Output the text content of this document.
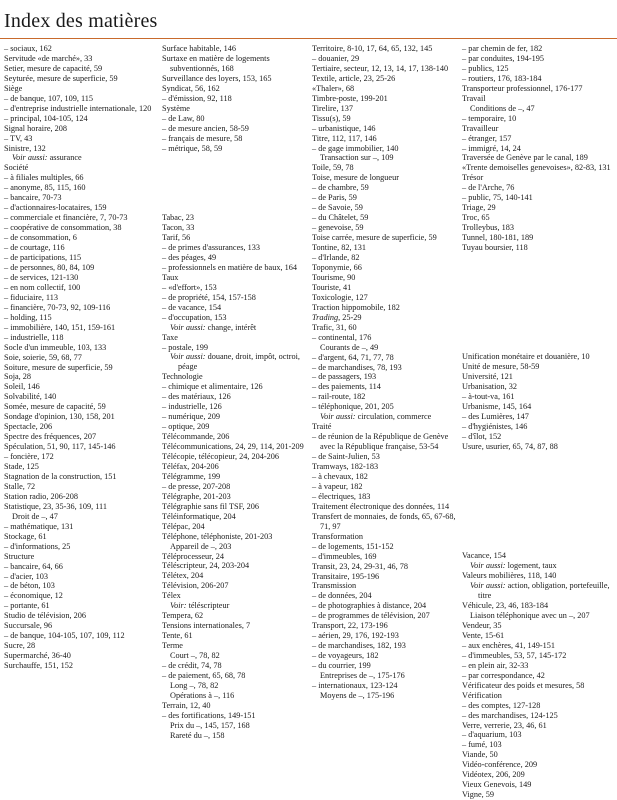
Index des matières
– sociaux, 162
Servitude «de marché», 33
Setier, mesure de capacité, 59
Seyturée, mesure de superficie, 59
Siège
– de banque, 107, 109, 115
– d'entreprise industrielle internationale, 120
– principal, 104-105, 124
Signal horaire, 208
– TV, 43
Sinistre, 132
Voir aussi: assurance
Société
– à filiales multiples, 66
– anonyme, 85, 115, 160
– bancaire, 70-73
– d'actionnaires-locataires, 159
– commerciale et financière, 7, 70-73
– coopérative de consommation, 38
– de consommation, 6
– de courtage, 116
– de participations, 115
– de personnes, 80, 84, 109
– de services, 121-130
– en nom collectif, 100
– fiduciaire, 113
– financière, 70-73, 92, 109-116
– holding, 115
– immobilière, 140, 151, 159-161
– industrielle, 118
Socle d'un immeuble, 103, 133
Soie, soierie, 59, 68, 77
Soiture, mesure de superficie, 59
Soja, 28
Soleil, 146
Solvabilité, 140
Somée, mesure de capacité, 59
Sondage d'opinion, 130, 158, 201
Spectacle, 206
Spectre des fréquences, 207
Spéculation, 51, 90, 117, 145-146
– foncière, 172
Stade, 125
Stagnation de la construction, 151
Stalle, 72
Station radio, 206-208
Statistique, 23, 35-36, 109, 111
Droit de –, 47
– mathématique, 131
Stockage, 61
– d'informations, 25
Structure
– bancaire, 64, 66
– d'acier, 103
– de béton, 103
– économique, 12
– portante, 61
Studio de télévision, 206
Succursale, 96
– de banque, 104-105, 107, 109, 112
Sucre, 28
Supermarché, 36-40
Surchauffe, 151, 152
Surface habitable, 146
Surtaxe en matière de logements subventionnés, 168
Surveillance des loyers, 153, 165
Syndicat, 56, 162
– d'émission, 92, 118
Système
– de Law, 80
– de mesure ancien, 58-59
– français de mesure, 58
– métrique, 58, 59
Tabac, 23
Tacon, 33
Tarif, 56
– de primes d'assurances, 133
– des péages, 49
– professionnels en matière de baux, 164
Taux
– «d'effort», 153
– de propriété, 154, 157-158
– de vacance, 154
– d'occupation, 153
Voir aussi: change, intérêt
Taxe
– postale, 199
Voir aussi: douane, droit, impôt, octroi, péage
Technologie
– chimique et alimentaire, 126
– des matériaux, 126
– industrielle, 126
– numérique, 209
– optique, 209
Télécommande, 206
Télécommunications, 24, 29, 114, 201-209
Télécopie, télécopieur, 24, 204-206
Téléfax, 204-206
Télégramme, 199
– de presse, 207-208
Télégraphe, 201-203
Télégraphie sans fil TSF, 206
Téléinformatique, 204
Télépac, 204
Téléphone, téléphoniste, 201-203
Appareil de –, 203
Téléprocesseur, 24
Téléscripteur, 24, 203-204
Télétex, 204
Télévision, 206-207
Télex
Voir: téléscripteur
Tempera, 62
Tensions internationales, 7
Tente, 61
Terme
Court –, 78, 82
– de crédit, 74, 78
– de paiement, 65, 68, 78
Long –, 78, 82
Opérations à –, 116
Terrain, 12, 40
– des fortifications, 149-151
Prix du –, 145, 157, 168
Rareté du –, 158
Territoire, 8-10, 17, 64, 65, 132, 145
– douanier, 29
Tertiaire, secteur, 12, 13, 14, 17, 138-140
Textile, article, 23, 25-26
«Thaler», 68
Timbre-poste, 199-201
Tirelire, 137
Tissu(s), 59
– urbanistique, 146
Titre, 112, 117, 146
– de gage immobilier, 140
Transaction sur –, 109
Toile, 59, 78
Toise, mesure de longueur
– de chambre, 59
– de Paris, 59
– de Savoie, 59
– du Châtelet, 59
– genevoise, 59
Toise carrée, mesure de superficie, 59
Tontine, 82, 131
– d'Irlande, 82
Toponymie, 66
Tourisme, 90
Touriste, 41
Toxicologie, 127
Traction hippomobile, 182
Trading, 25-29
Trafic, 31, 60
– continental, 176
Courants de –, 49
– d'argent, 64, 71, 77, 78
– de marchandises, 78, 193
– de passagers, 193
– des paiements, 114
– rail-route, 182
– téléphonique, 201, 205
Voir aussi: circulation, commerce
Traité
– de réunion de la République de Genève avec la République française, 53-54
– de Saint-Julien, 53
Tramways, 182-183
– à chevaux, 182
– à vapeur, 182
– électriques, 183
Traitement électronique des données, 114
Transfert de monnaies, de fonds, 65, 67-68, 71, 97
Transformation
– de logements, 151-152
– d'immeubles, 169
Transit, 23, 24, 29-31, 46, 78
Transitaire, 195-196
Transmission
– de données, 204
– de photographies à distance, 204
– de programmes de télévision, 207
Transport, 22, 173-196
– aérien, 29, 176, 192-193
– de marchandises, 182, 193
– de voyageurs, 182
– du courrier, 199
Entreprises de –, 175-176
– internationaux, 123-124
Moyens de –, 175-196
– par chemin de fer, 182
– par conduites, 194-195
– publics, 125
– routiers, 176, 183-184
Transporteur professionnel, 176-177
Travail
Conditions de –, 47
– temporaire, 10
Travailleur
– étranger, 157
– immigré, 14, 24
Traversée de Genève par le canal, 189
«Trente demoiselles genevoises», 82-83, 131
Trésor
– de l'Arche, 76
– public, 75, 140-141
Triage, 29
Troc, 65
Trolleybus, 183
Tunnel, 180-181, 189
Tuyau boursier, 118
Unification monétaire et douanière, 10
Unité de mesure, 58-59
Université, 121
Urbanisation, 32
– à-tout-va, 161
Urbanisme, 145, 164
– des Lumières, 147
– d'hygiénistes, 146
– d'îlot, 152
Usure, usurier, 65, 74, 87, 88
Vacance, 154
Voir aussi: logement, taux
Valeurs mobilières, 118, 140
Voir aussi: action, obligation, portefeuille, titre
Véhicule, 23, 46, 183-184
Liaison téléphonique avec un –, 207
Vendeur, 35
Vente, 15-61
– aux enchères, 41, 149-151
– d'immeubles, 53, 57, 145-172
– en plein air, 32-33
– par correspondance, 42
Vérificateur des poids et mesures, 58
Vérification
– des comptes, 127-128
– des marchandises, 124-125
Verre, verrerie, 23, 46, 61
– d'aquarium, 103
– fumé, 103
Viande, 50
Vidéo-conférence, 209
Vidéotex, 206, 209
Vieux Genevois, 149
Vigne, 59
